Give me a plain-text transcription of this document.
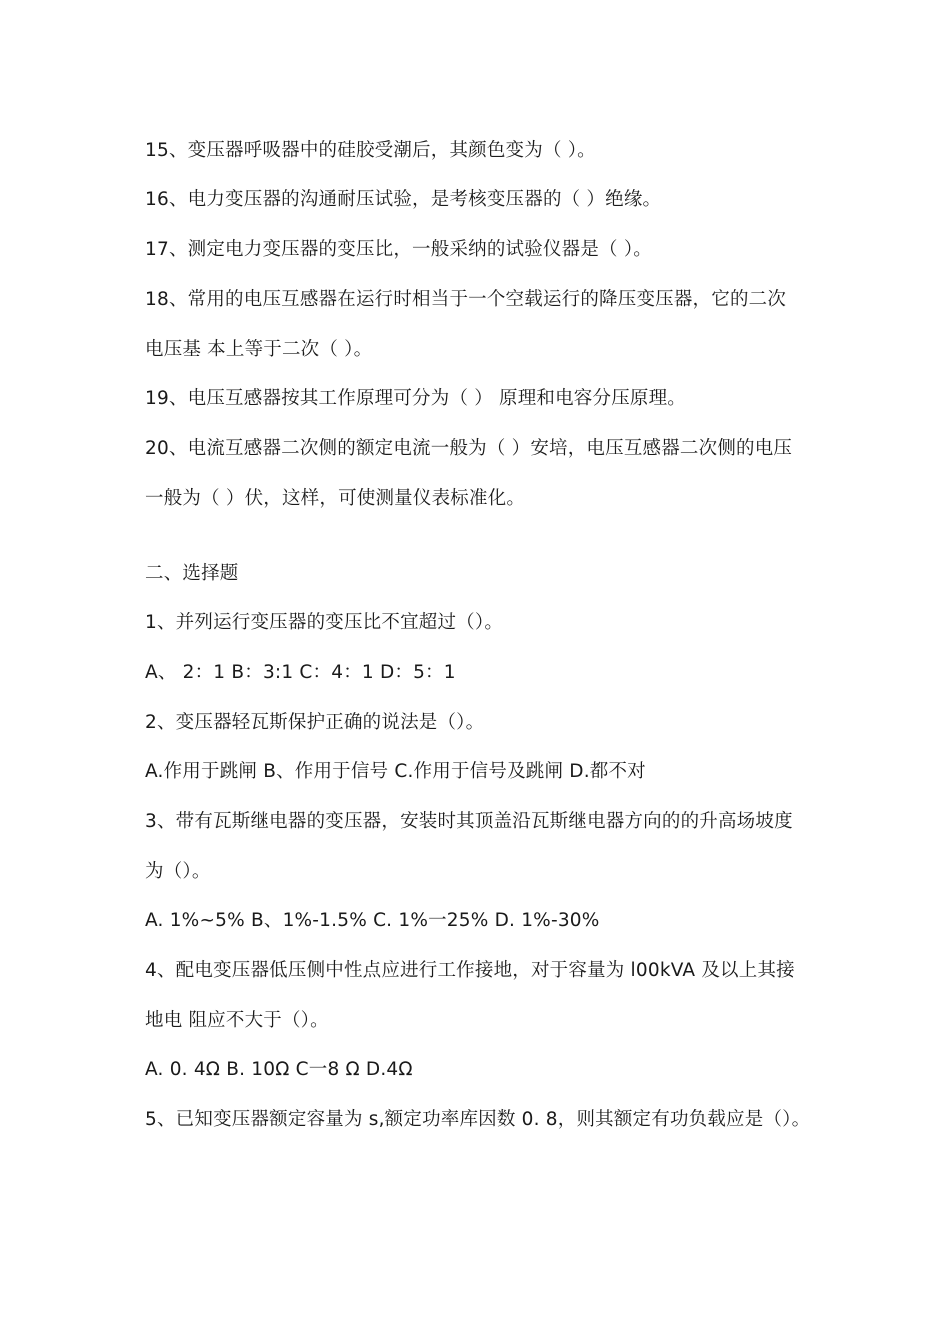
15、变压器呼吸器中的硅胶受潮后，其颜色变为（ ）。
16、电力变压器的沟通耐压试验，是考核变压器的（ ）绝缘。
17、测定电力变压器的变压比，一般采纳的试验仪器是（ ）。
18、常用的电压互感器在运行时相当于一个空载运行的降压变压器，它的二次
电压基 本上等于二次（ ）。
19、电压互感器按其工作原理可分为（ ） 原理和电容分压原理。
20、电流互感器二次侧的额定电流一般为（ ）安培，电压互感器二次侧的电压
一般为（ ）伏，这样，可使测量仪表标准化。
二、选择题
1、并列运行变压器的变压比不宜超过（）。
A、 2：1 B：3:1 C：4：1 D：5：1
2、变压器轻瓦斯保护正确的说法是（）。
A.作用于跳闸 B、作用于信号 C.作用于信号及跳闸 D.都不对
3、带有瓦斯继电器的变压器，安装时其顶盖沿瓦斯继电器方向的的升高场坡度
为（）。
A. 1%~5% B、1%-1.5% C. 1%一25% D. 1%-30%
4、配电变压器低压侧中性点应进行工作接地，对于容量为 l00kVA 及以上其接
地电 阻应不大于（）。
A. 0. 4Ω B. 10Ω C一8 Ω D.4Ω
5、已知变压器额定容量为 s,额定功率库因数 0. 8，则其额定有功负载应是（）。
